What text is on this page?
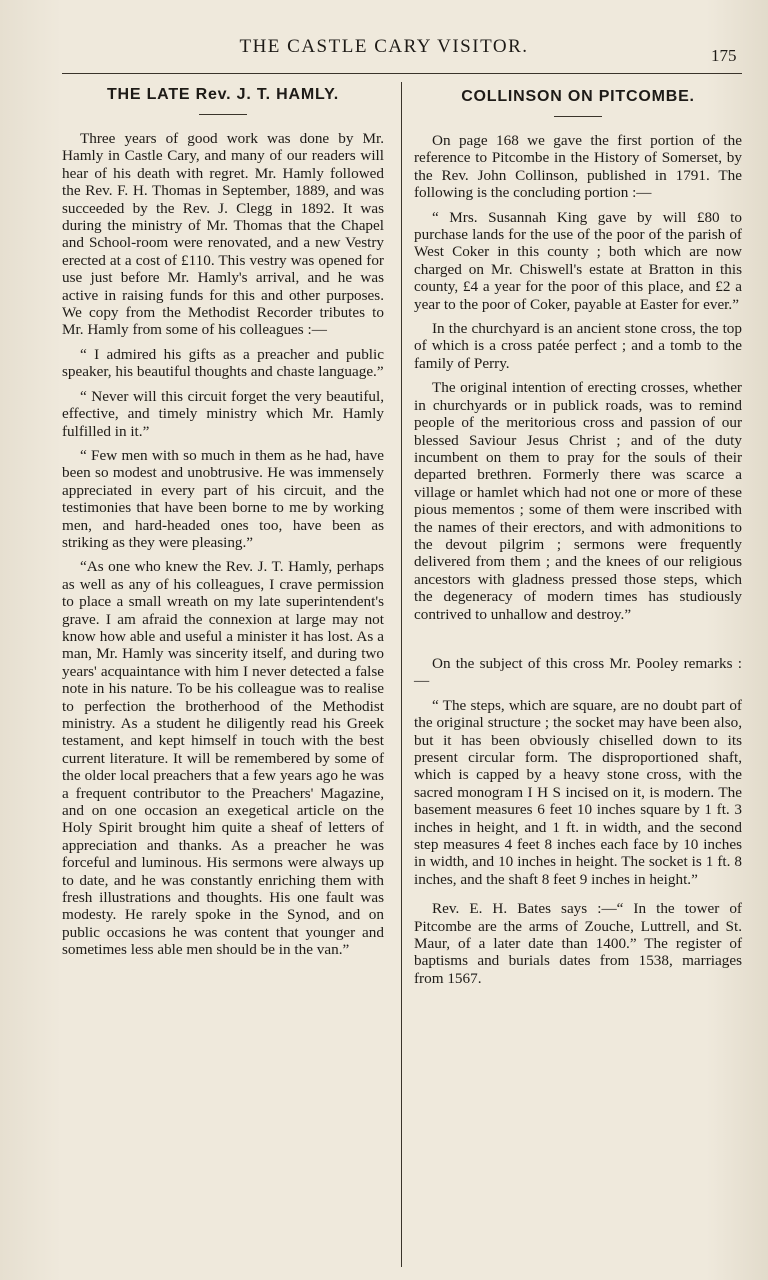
THE CASTLE CARY VISITOR.	175
THE LATE Rev. J. T. HAMLY.

Three years of good work was done by Mr. Hamly in Castle Cary, and many of our readers will hear of his death with regret. Mr. Hamly followed the Rev. F. H. Thomas in September, 1889, and was succeeded by the Rev. J. Clegg in 1892. It was during the ministry of Mr. Thomas that the Chapel and School-room were renovated, and a new Vestry erected at a cost of £110. This vestry was opened for use just before Mr. Hamly's arrival, and he was active in raising funds for this and other purposes. We copy from the Methodist Recorder tributes to Mr. Hamly from some of his colleagues :—

“ I admired his gifts as a preacher and public speaker, his beautiful thoughts and chaste language.”

“ Never will this circuit forget the very beautiful, effective, and timely ministry which Mr. Hamly fulfilled in it.”

“ Few men with so much in them as he had, have been so modest and unobtrusive. He was immensely appreciated in every part of his circuit, and the testimonies that have been borne to me by working men, and hard-headed ones too, have been as striking as they were pleasing.”

“As one who knew the Rev. J. T. Hamly, perhaps as well as any of his colleagues, I crave permission to place a small wreath on my late superintendent's grave. I am afraid the connexion at large may not know how able and useful a minister it has lost. As a man, Mr. Hamly was sincerity itself, and during two years' acquaintance with him I never detected a false note in his nature. To be his colleague was to realise to perfection the brotherhood of the Methodist ministry. As a student he diligently read his Greek testament, and kept himself in touch with the best current literature. It will be remembered by some of the older local preachers that a few years ago he was a frequent contributor to the Preachers' Magazine, and on one occasion an exegetical article on the Holy Spirit brought him quite a sheaf of letters of appreciation and thanks. As a preacher he was forceful and luminous. His sermons were always up to date, and he was constantly enriching them with fresh illustrations and thoughts. His one fault was modesty. He rarely spoke in the Synod, and on public occasions he was content that younger and sometimes less able men should be in the van.”

COLLINSON ON PITCOMBE.

On page 168 we gave the first portion of the reference to Pitcombe in the History of Somerset, by the Rev. John Collinson, published in 1791. The following is the concluding portion :—

“ Mrs. Susannah King gave by will £80 to purchase lands for the use of the poor of the parish of West Coker in this county ; both which are now charged on Mr. Chiswell's estate at Bratton in this county, £4 a year for the poor of this place, and £2 a year to the poor of Coker, payable at Easter for ever.”

In the churchyard is an ancient stone cross, the top of which is a cross patée perfect ; and a tomb to the family of Perry.

The original intention of erecting crosses, whether in churchyards or in publick roads, was to remind people of the meritorious cross and passion of our blessed Saviour Jesus Christ ; and of the duty incumbent on them to pray for the souls of their departed brethren. Formerly there was scarce a village or hamlet which had not one or more of these pious mementos ; some of them were inscribed with the names of their erectors, and with admonitions to the devout pilgrim ; sermons were frequently delivered from them ; and the knees of our religious ancestors with gladness pressed those steps, which the degeneracy of modern times has studiously contrived to unhallow and destroy.”

On the subject of this cross Mr. Pooley remarks :—

“ The steps, which are square, are no doubt part of the original structure ; the socket may have been also, but it has been obviously chiselled down to its present circular form. The disproportioned shaft, which is capped by a heavy stone cross, with the sacred monogram I H S incised on it, is modern. The basement measures 6 feet 10 inches square by 1 ft. 3 inches in height, and 1 ft. in width, and the second step measures 4 feet 8 inches each face by 10 inches in width, and 10 inches in height. The socket is 1 ft. 8 inches, and the shaft 8 feet 9 inches in height.”

Rev. E. H. Bates says :—“ In the tower of Pitcombe are the arms of Zouche, Luttrell, and St. Maur, of a later date than 1400.” The register of baptisms and burials dates from 1538, marriages from 1567.
